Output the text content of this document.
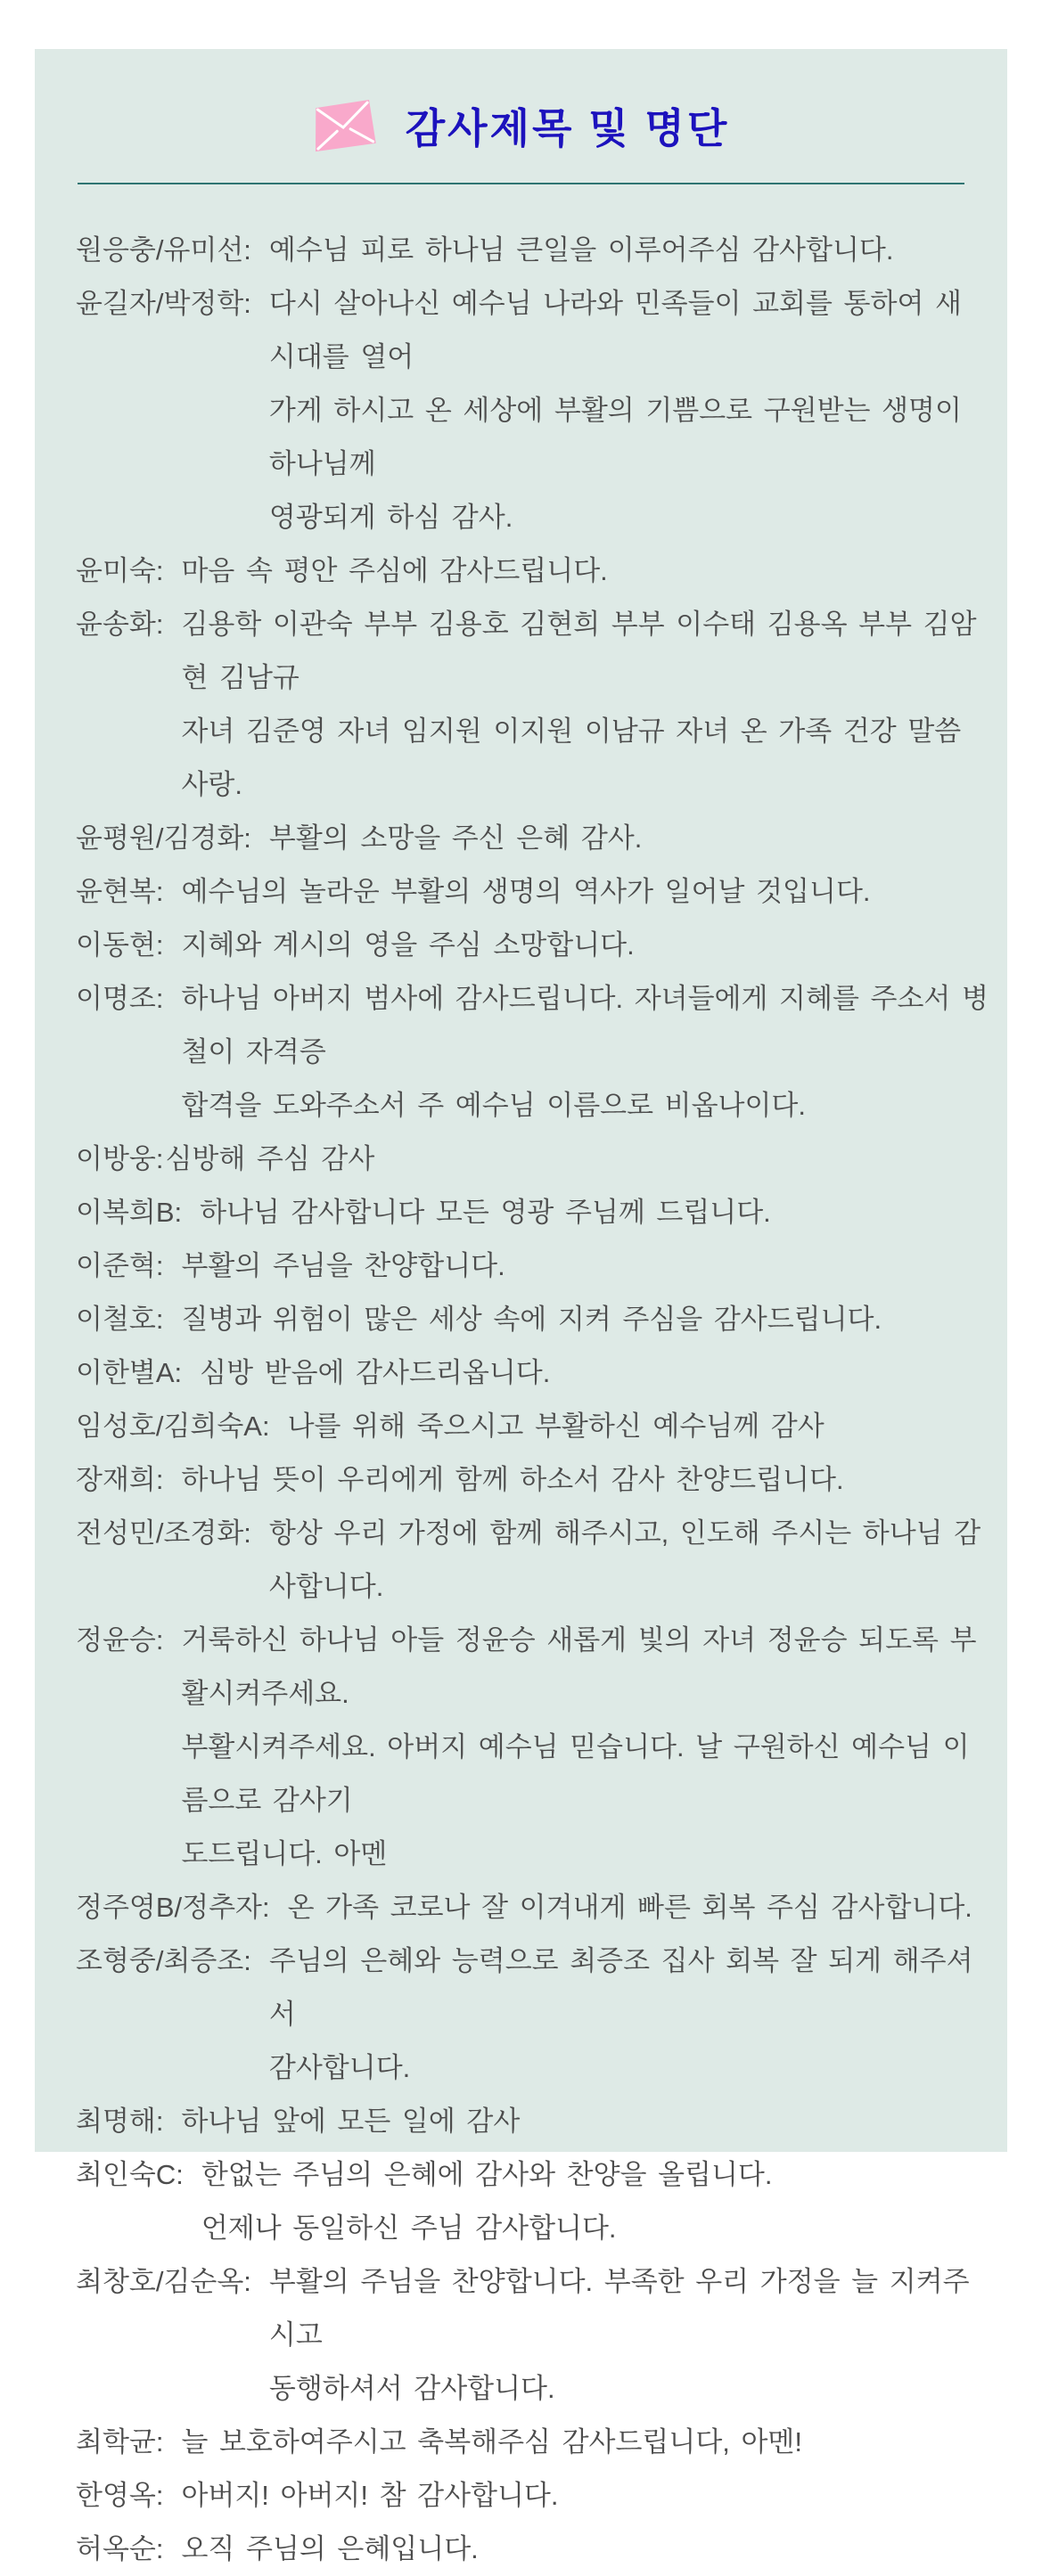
감사제목 및 명단
원응충/유미선: 예수님 피로 하나님 큰일을 이루어주심 감사합니다.
윤길자/박정학: 다시 살아나신 예수님 나라와 민족들이 교회를 통하여 새 시대를 열어
가게 하시고 온 세상에 부활의 기쁨으로 구원받는 생명이 하나님께
영광되게 하심 감사.
윤미숙: 마음 속 평안 주심에 감사드립니다.
윤송화: 김용학 이관숙 부부 김용호 김현희 부부 이수태 김용옥 부부 김암현 김남규
자녀 김준영 자녀 임지원 이지원 이남규 자녀 온 가족 건강 말씀 사랑.
윤평원/김경화: 부활의 소망을 주신 은혜 감사.
윤현복: 예수님의 놀라운 부활의 생명의 역사가 일어날 것입니다.
이동현: 지혜와 계시의 영을 주심 소망합니다.
이명조: 하나님 아버지 범사에 감사드립니다. 자녀들에게 지혜를 주소서 병철이 자격증
합격을 도와주소서 주 예수님 이름으로 비옵나이다.
이방웅: 심방해 주심 감사
이복희B: 하나님 감사합니다 모든 영광 주님께 드립니다.
이준혁: 부활의 주님을 찬양합니다.
이철호: 질병과 위험이 많은 세상 속에 지켜 주심을 감사드립니다.
이한별A: 심방 받음에 감사드리옵니다.
임성호/김희숙A: 나를 위해 죽으시고 부활하신 예수님께 감사
장재희: 하나님 뜻이 우리에게 함께 하소서 감사 찬양드립니다.
전성민/조경화: 항상 우리 가정에 함께 해주시고, 인도해 주시는 하나님 감사합니다.
정윤승: 거룩하신 하나님 아들 정윤승 새롭게 빛의 자녀 정윤승 되도록 부활시켜주세요.
부활시켜주세요. 아버지 예수님 믿습니다. 날 구원하신 예수님 이름으로 감사기
도드립니다. 아멘
정주영B/정추자: 온 가족 코로나 잘 이겨내게 빠른 회복 주심 감사합니다.
조형중/최증조: 주님의 은혜와 능력으로 최증조 집사 회복 잘 되게 해주셔서
감사합니다.
최명해: 하나님 앞에 모든 일에 감사
최인숙C: 한없는 주님의 은혜에 감사와 찬양을 올립니다.
언제나 동일하신 주님 감사합니다.
최창호/김순옥: 부활의 주님을 찬양합니다. 부족한 우리 가정을 늘 지켜주시고
동행하셔서 감사합니다.
최학균: 늘 보호하여주시고 축복해주심 감사드립니다, 아멘!
한영옥: 아버지! 아버지! 참 감사합니다.
허옥순: 오직 주님의 은혜입니다.
